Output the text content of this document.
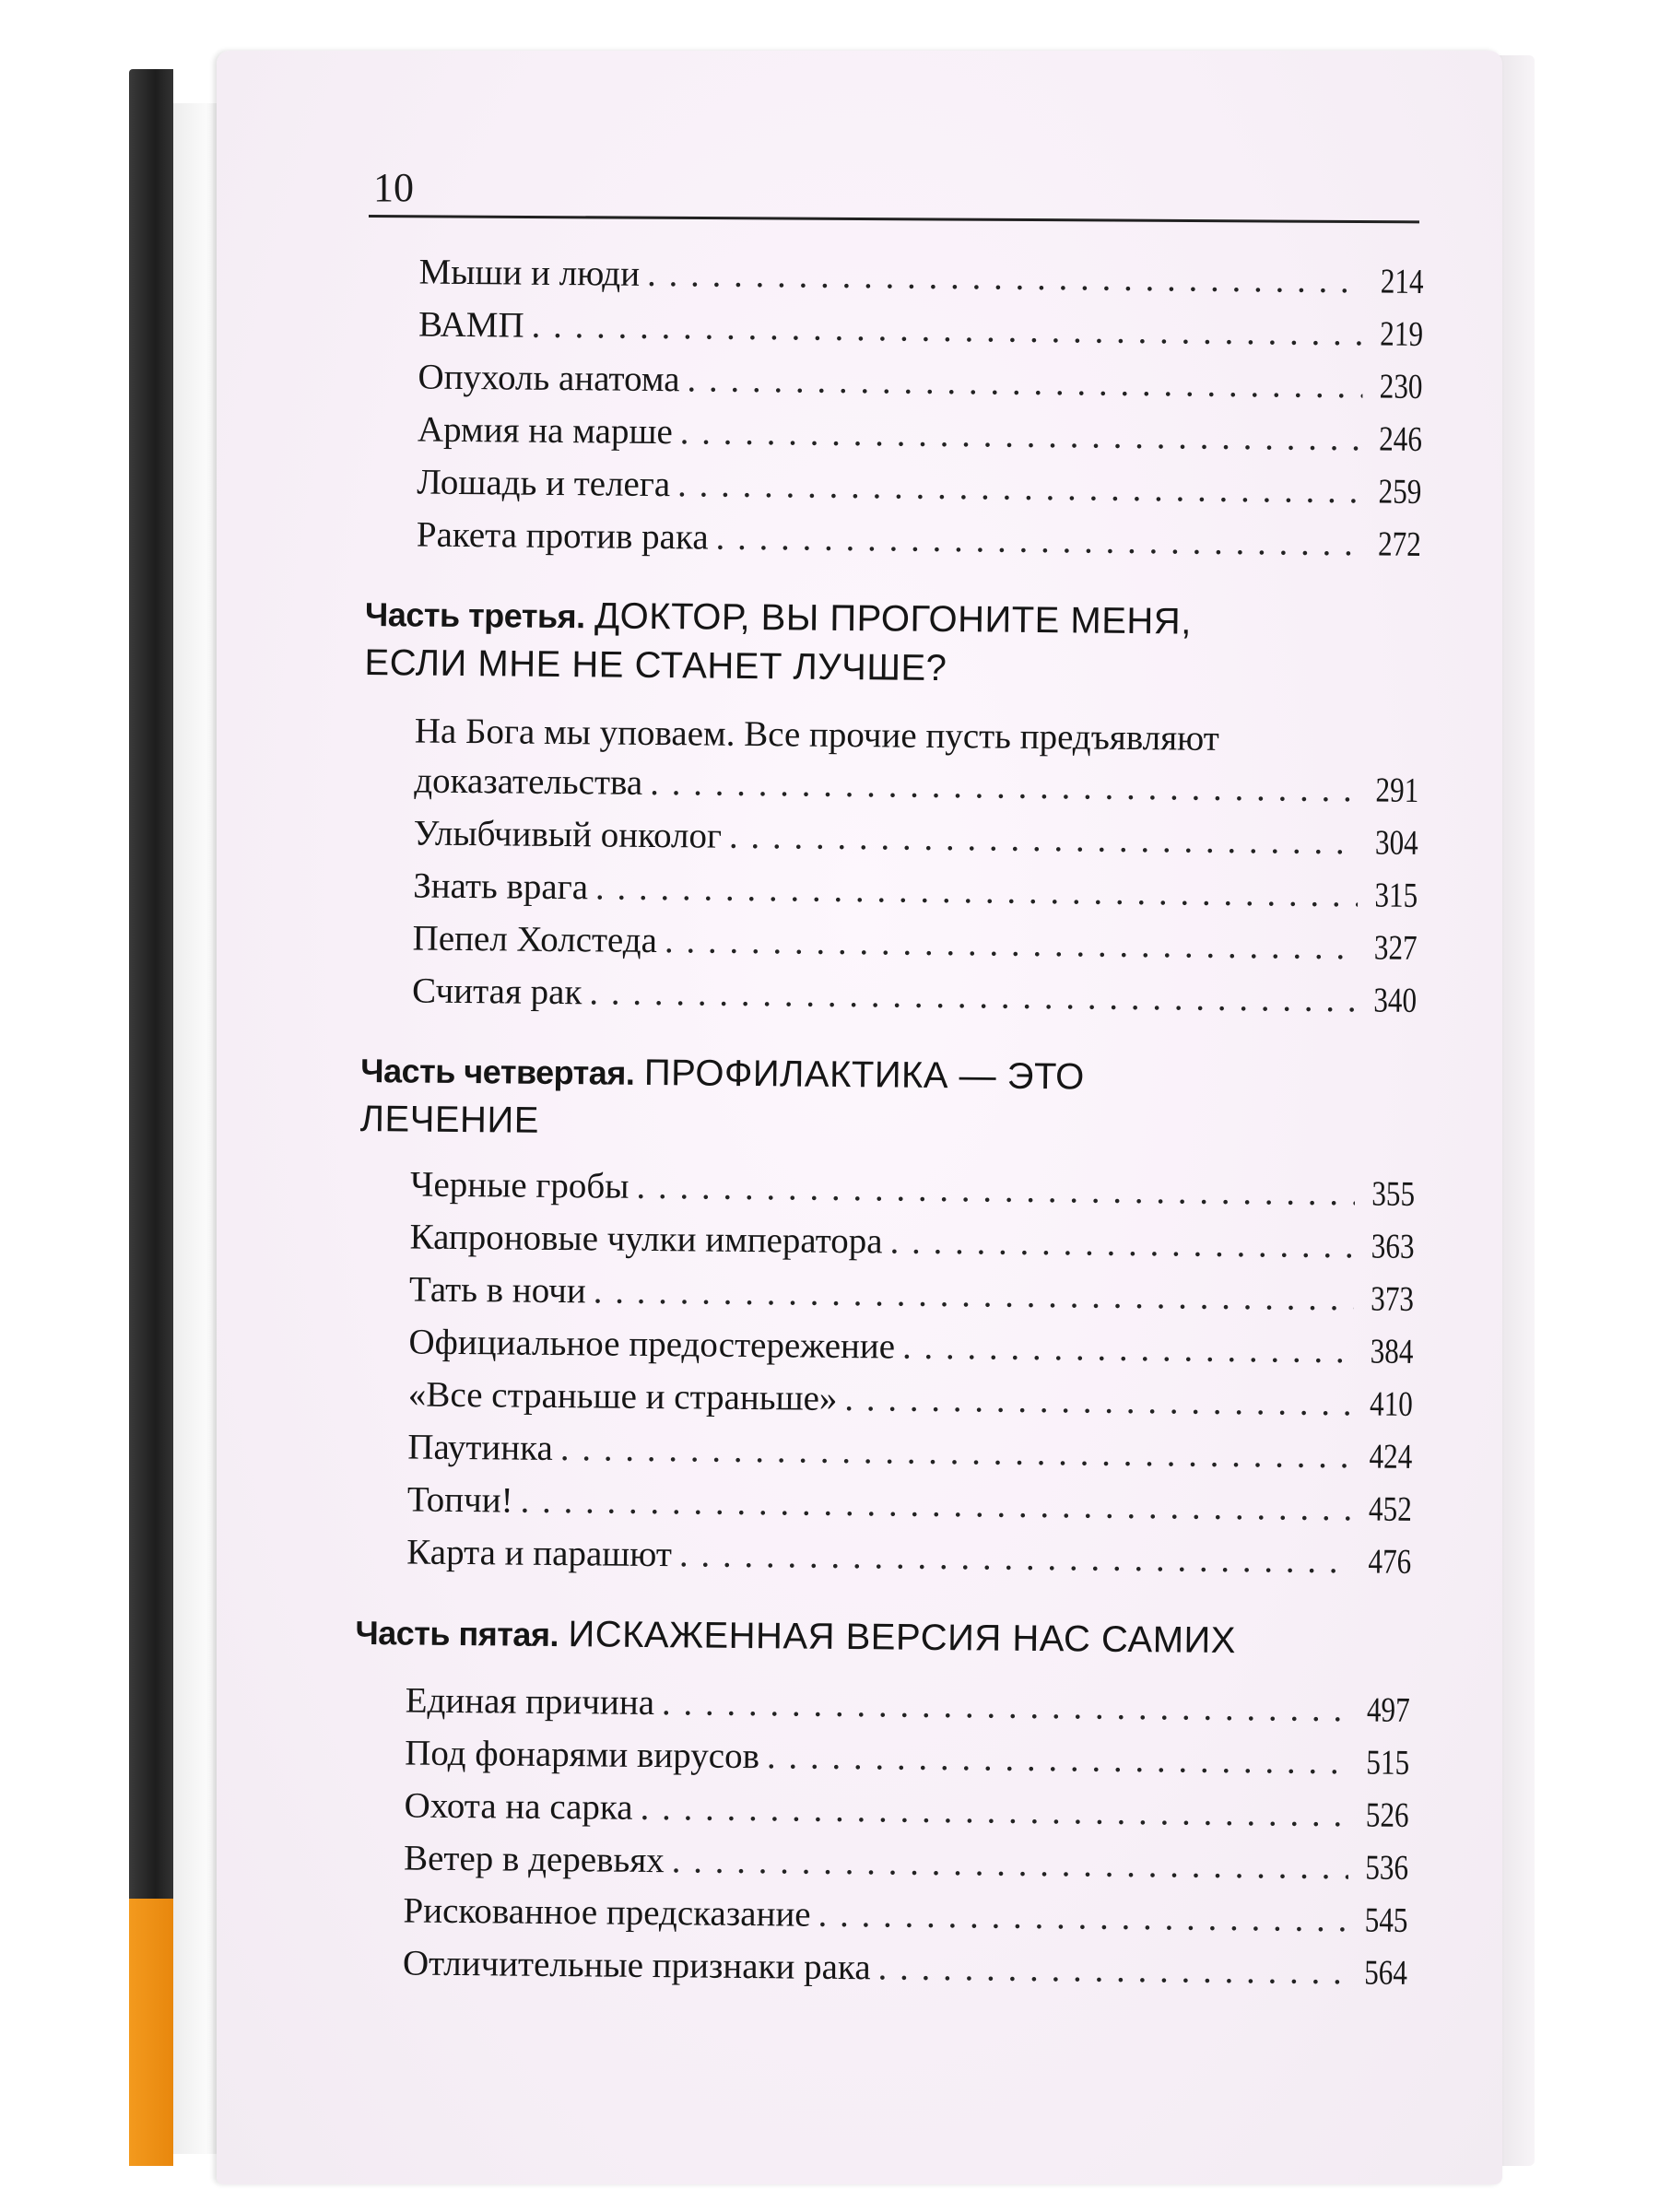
10
Мыши и люди . . .	214
ВАМП . . .	219
Опухоль анатома . . .	230
Армия на марше . . .	246
Лошадь и телега . . .	259
Ракета против рака . . .	272
Часть третья. ДОКТОР, ВЫ ПРОГОНИТЕ МЕНЯ,
ЕСЛИ МНЕ НЕ СТАНЕТ ЛУЧШЕ?
На Бога мы уповаем. Все прочие пусть предъявляют
доказательства . . .	291
Улыбчивый онколог . . .	304
Знать врага . . .	315
Пепел Холстеда . . .	327
Считая рак . . .	340
Часть четвертая. ПРОФИЛАКТИКА — ЭТО
ЛЕЧЕНИЕ
Черные гробы . . .	355
Капроновые чулки императора . . .	363
Тать в ночи . . .	373
Официальное предостережение . . .	384
«Все страньше и страньше» . . .	410
Паутинка . . .	424
Топчи! . . .	452
Карта и парашют . . .	476
Часть пятая. ИСКАЖЕННАЯ ВЕРСИЯ НАС САМИХ
Единая причина . . .	497
Под фонарями вирусов . . .	515
Охота на сарка . . .	526
Ветер в деревьях . . .	536
Рискованное предсказание . . .	545
Отличительные признаки рака . . .	564
